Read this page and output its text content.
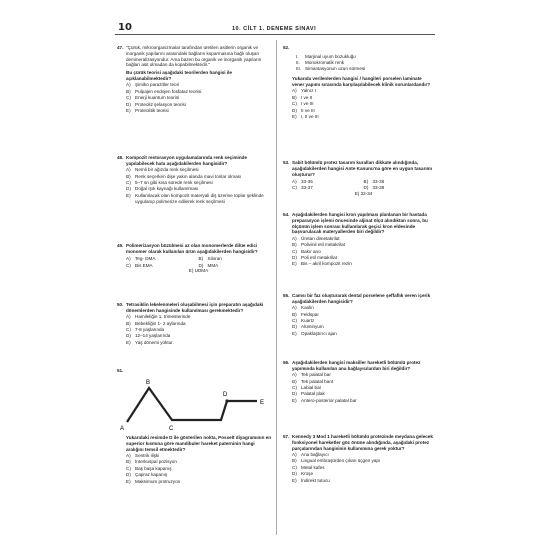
10	10. CİLT 1. DENEME SINAVI
47. "Çürük, mikroorganizmalar tarafından üretilen asitlerin organik ve inorganik yapılarını arasındaki bağların koparmasına bağlı oluşan demineralizasyondur. Ama bazen bu organik ve inorganik yapıların bağları asit olmadan da kopabilmektedir."
Bu çürük teorisi aşağıdaki teorilerden hangisi ile açıklanabilmektedir?
A) Şimiko parazitler teori
B) Pulpajen endojen fosfataz teorisi
C) Enerji kuantum teorisi
D) Proteoliz şelasyon teorisi
E) Proteolitik teorisi
48. Kompozit restorasyon uygulamalarında renk seçiminde yapılabilecek hata aşağıdakilerden hangisidir?
A) Nemli bir ağızda renk seçilmesi
B) Renk seçerken dişe yakın alanda mavi tonlar olması
C) 5–7 sn gibi kısa sürede renk seçilmesi
D) Doğal ışık kaynağı kullanılması
E) Kullanılacak olan kompozit materyali diş üzerine toplar şeklinde uygulanıp polimerize edilerek renk seçilmesi
49. Polimerizasyon büzülmesi az olan monomerlerde dilüe edici monomer olarak kullanılan ürün aşağıdakilerden hangisidir?
A) Teg- DMA	B) Siloran
C) Bis EMA	D) MMA
E) UDMA
50. Tetrasiklin lekelenmeleri oluşabilmesi için preparatın aşağıdaki dönemlerden hangisinde kullanılması gerekmektedir?
A) Hamileliğin 1. trimesterinde
B) Bebekliğin 1- 2 aylarında
C) 7-8 yaşlarında
D) 12–14 yaşlarında
E) Yaş dönemi yoktur.
51.
A
B
C
D
E
Yukarıdaki resimde D ile gösterilen nokta, Posselt diyagramının en superior kısmına göre mandibuler hareket paterninin hangi aralığını temsil etmektedir?
A) Sentrik ilişki
B) İnterkuspal pozisyon
C) Baş başa kapanış
D) Çapraz kapanış
E) Maksimum protruzyon
52.
I.	Marjinal uyum bozukluğu
II.	Monokromatik renk
III. Simantasyonun uzun sürmesi
Yukarıda verilenlerden hangisi / hangileri porselen laminate vener yapımı sırasında karşılaşılabilecek klinik sorunlardandır?
A) Yalnız I
B) I ve II
C) I ve III
D) II ve III
E) I, II ve III
53. Sabit bölümlü protez tasarım kuralları dikkate alındığında, aşağıdakilerden hangisi Ante Kanunu'na göre en uygun tasarımı oluşturur?
A) 33-35	B) 33-36
C) 33-37	D) 33-38
E) 32-34
54. Aşağıdakilerden hangisi kron yapılması planlanan bir hastada preparasyon işlemi öncesinde aljinat ölçü alındıktan sonra, bu ölçünün işlem sonrası kullanılarak geçici kron eldesinde başvurulacak materyallerden biri değildir?
A) Üretan dimetakrilat
B) Polivinil etil metakrilat
C) Bakır ano
D) Poli etil metakrilat
E) Bis – akril kompozit rezin
55. Camsı bir faz oluşturarak dental porselene şeffaflık veren içerik aşağıdakilerden hangisidir?
A) Kaolin
B) Feldspar
C) Kuartz
D) Alüminyum
E) Opaklaştırıcı ajan
56. Aşağıdakilerden hangisi maksiller hareketli bölümlü protez yapımında kullanılan ana bağlayıcılardan biri değildir?
A) Tek palatal bar
B) Tek palatal bant
C) Labial bar
D) Palatal plak
E) Antero-posterior palatal bar
57. Kennedy 3 Mod 1 hareketli bölümlü protezinde meydana gelecek fonksiyonel hareketler göz önüne alındığında, aşağıdaki protez parçalarından hangisinin kullanımına gerek yoktur?
A) Ana bağlayıcı
B) Lingual embraşürden çıkan üçgen yapı
C) Metal kafes
D) Kroşe
E) İndirekt tutucu
